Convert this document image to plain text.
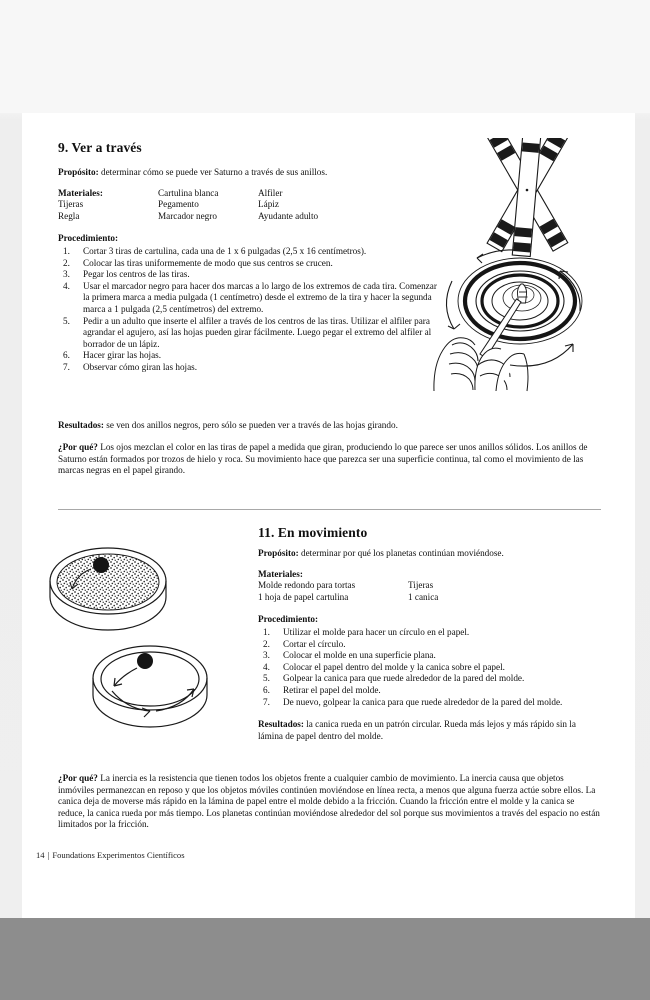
9. Ver a través
Propósito: determinar cómo se puede ver Saturno a través de sus anillos.
Materiales:	Cartulina blanca	Alfiler
Tijeras	Pegamento	Lápiz
Regla	Marcador negro	Ayudante adulto
Procedimiento:
Cortar 3 tiras de cartulina, cada una de 1 x 6 pulgadas (2,5 x 16 centímetros).
Colocar las tiras uniformemente de modo que sus centros se crucen.
Pegar los centros de las tiras.
Usar el marcador negro para hacer dos marcas a lo largo de los extremos de cada tira. Comenzar la primera marca a media pulgada (1 centímetro) desde el extremo de la tira y hacer la segunda marca a 1 pulgada (2,5 centímetros) del extremo.
Pedir a un adulto que inserte el alfiler a través de los centros de las tiras. Utilizar el alfiler para agrandar el agujero, así las hojas pueden girar fácilmente. Luego pegar el extremo del alfiler al borrador de un lápiz.
Hacer girar las hojas.
Observar cómo giran las hojas.
Resultados: se ven dos anillos negros, pero sólo se pueden ver a través de las hojas girando.
¿Por qué? Los ojos mezclan el color en las tiras de papel a medida que giran, produciendo lo que parece ser unos anillos sólidos. Los anillos de Saturno están formados por trozos de hielo y roca. Su movimiento hace que parezca ser una superficie continua, tal como el movimiento de las marcas negras en el papel girando.
11. En movimiento
Propósito: determinar por qué los planetas continúan moviéndose.
Materiales:
Molde redondo para tortas	Tijeras
1 hoja de papel cartulina	1 canica
Procedimiento:
Utilizar el molde para hacer un círculo en el papel.
Cortar el círculo.
Colocar el molde en una superficie plana.
Colocar el papel dentro del molde y la canica sobre el papel.
Golpear la canica para que ruede alrededor de la pared del molde.
Retirar el papel del molde.
De nuevo, golpear la canica para que ruede alrededor de la pared del molde.
Resultados: la canica rueda en un patrón circular. Rueda más lejos y más rápido sin la lámina de papel dentro del molde.
¿Por qué? La inercia es la resistencia que tienen todos los objetos frente a cualquier cambio de movimiento. La inercia causa que objetos inmóviles permanezcan en reposo y que los objetos móviles continúen moviéndose en línea recta, a menos que alguna fuerza actúe sobre ellos. La canica deja de moverse más rápido en la lámina de papel entre el molde debido a la fricción. Cuando la fricción entre el molde y la canica se reduce, la canica rueda por más tiempo. Los planetas continúan moviéndose alrededor del sol porque sus movimientos a través del espacio no están limitados por la fricción.
14 | Foundations Experimentos Científicos
